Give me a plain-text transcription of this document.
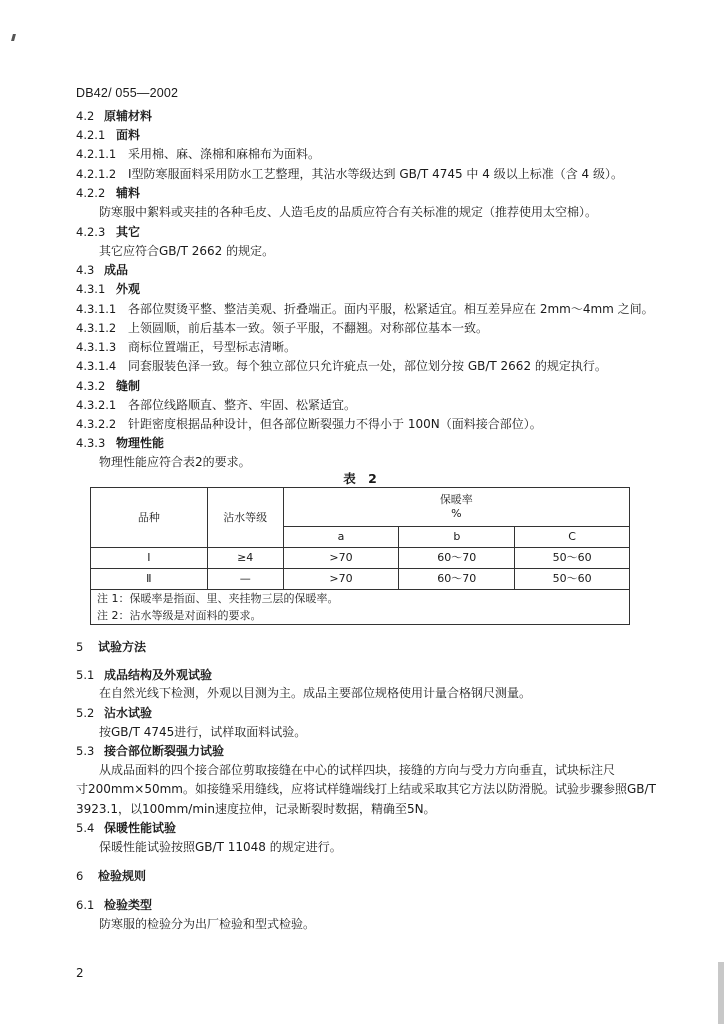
DB42/ 055—2002
4.2 原辅材料
4.2.1 面料
4.2.1.1 采用棉、麻、涤棉和麻棉布为面料。
4.2.1.2 Ⅰ型防寒服面料采用防水工艺整理，其沾水等级达到 GB/T 4745 中 4 级以上标准（含 4 级）。
4.2.2 辅料
防寒服中絮料或夹挂的各种毛皮、人造毛皮的品质应符合有关标准的规定（推荐使用太空棉）。
4.2.3 其它
其它应符合GB/T 2662 的规定。
4.3 成品
4.3.1 外观
4.3.1.1 各部位熨烫平整、整洁美观、折叠端正。面内平服，松紧适宜。相互差异应在 2mm～4mm 之间。
4.3.1.2 上领圆顺，前后基本一致。领子平服，不翻翘。对称部位基本一致。
4.3.1.3 商标位置端正，号型标志清晰。
4.3.1.4 同套服装色泽一致。每个独立部位只允许疵点一处，部位划分按 GB/T 2662 的规定执行。
4.3.2 缝制
4.3.2.1 各部位线路顺直、整齐、牢固、松紧适宜。
4.3.2.2 针距密度根据品种设计，但各部位断裂强力不得小于 100N（面料接合部位）。
4.3.3 物理性能
物理性能应符合表2的要求。
表 2
品种	沾水等级	保暖率
%		

		a	b	C
Ⅰ	≥4	>70	60～70	50～60
Ⅱ	—	>70	60～70	50～60
注 1：保暖率是指面、里、夹挂物三层的保暖率。				
注 2：沾水等级是对面料的要求。				
5 试验方法
5.1 成品结构及外观试验
在自然光线下检测，外观以目测为主。成品主要部位规格使用计量合格钢尺测量。
5.2 沾水试验
按GB/T 4745进行，试样取面料试验。
5.3 接合部位断裂强力试验
从成品面料的四个接合部位剪取接缝在中心的试样四块，接缝的方向与受力方向垂直，试块标注尺
寸200mm×50mm。如接缝采用缝线，应将试样缝端线打上结或采取其它方法以防滑脱。试验步骤参照GB/T
3923.1，以100mm/min速度拉伸，记录断裂时数据，精确至5N。
5.4 保暖性能试验
保暖性能试验按照GB/T 11048 的规定进行。
6 检验规则
6.1 检验类型
防寒服的检验分为出厂检验和型式检验。
2
